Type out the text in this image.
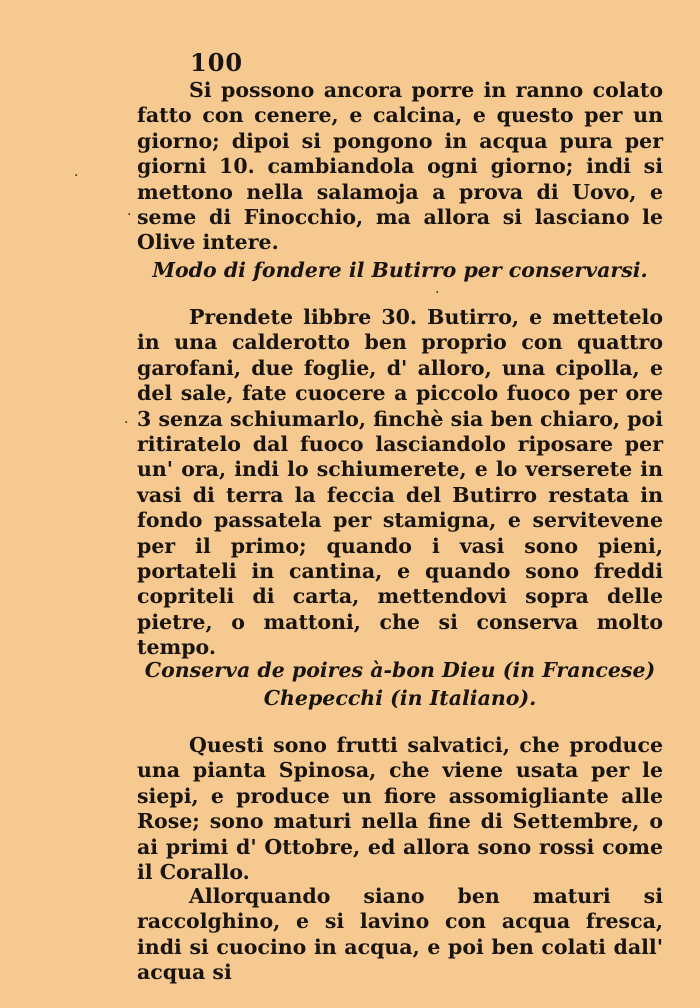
100
Si possono ancora porre in ranno colato fatto con cenere, e calcina, e questo per un giorno; dipoi si pongono in acqua pura per giorni 10. cambiandola ogni giorno; indi si mettono nella salamoja a prova di Uovo, e seme di Finocchio, ma allora si lasciano le Olive intere.
Modo di fondere il Butirro per conservarsi.
Prendete libbre 30. Butirro, e mettetelo in una calderotto ben proprio con quattro garofani, due foglie, d' alloro, una cipolla, e del sale, fate cuocere a piccolo fuoco per ore 3 senza schiumarlo, finchè sia ben chiaro, poi ritiratelo dal fuoco lasciandolo riposare per un' ora, indi lo schiumerete, e lo verserete in vasi di terra la feccia del Butirro restata in fondo passatela per stamigna, e servitevene per il primo; quando i vasi sono pieni, portateli in cantina, e quando sono freddi copriteli di carta, mettendovi sopra delle pietre, o mattoni, che si conserva molto tempo.
Conserva de poires à-bon Dieu (in Francese)
Chepecchi (in Italiano).
Questi sono frutti salvatici, che produce una pianta Spinosa, che viene usata per le siepi, e produce un fiore assomigliante alle Rose; sono maturi nella fine di Settembre, o ai primi d' Ottobre, ed allora sono rossi come il Corallo.
Allorquando siano ben maturi si raccolghino, e si lavino con acqua fresca, indi si cuocino in acqua, e poi ben colati dall' acqua si
·
·
·
·
